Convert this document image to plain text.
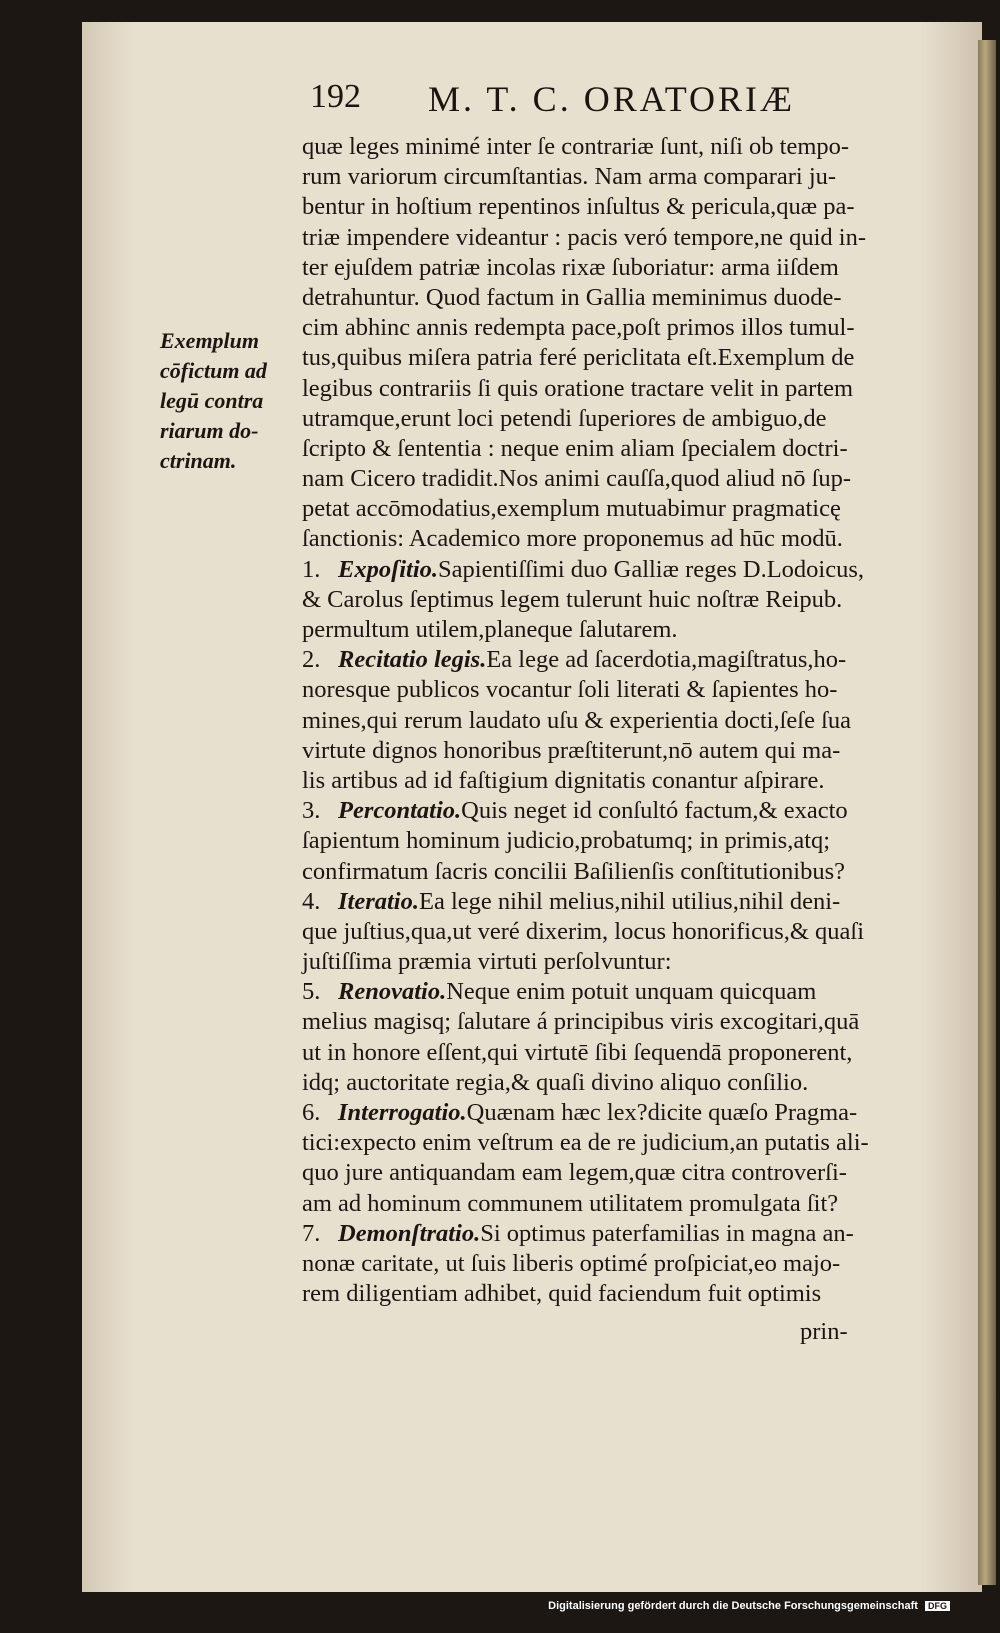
192 M. T. C. ORATORIÆ
Exemplum
cōfictum ad
legū contra
riarum do-
ctrinam.
quæ leges minimé inter ſe contrariæ ſunt, niſi ob tempo-
rum variorum circumſtantias. Nam arma comparari ju-
bentur in hoſtium repentinos inſultus & pericula,quæ pa-
triæ impendere videantur : pacis veró tempore,ne quid in-
ter ejuſdem patriæ incolas rixæ ſuboriatur: arma iiſdem
detrahuntur. Quod factum in Gallia meminimus duode-
cim abhinc annis redempta pace,poſt primos illos tumul-
tus,quibus miſera patria feré periclitata eſt.Exemplum de
legibus contrariis ſi quis oratione tractare velit in partem
utramque,erunt loci petendi ſuperiores de ambiguo,de
ſcripto & ſententia : neque enim aliam ſpecialem doctri-
nam Cicero tradidit.Nos animi cauſſa,quod aliud nō ſup-
petat accōmodatius,exemplum mutuabimur pragmaticę
ſanctionis: Academico more proponemus ad hūc modū.
1. Expoſitio.Sapientiſſimi duo Galliæ reges D.Lodoicus,
& Carolus ſeptimus legem tulerunt huic noſtræ Reipub.
permultum utilem,planeque ſalutarem.
2. Recitatio legis.Ea lege ad ſacerdotia,magiſtratus,ho-
noresque publicos vocantur ſoli literati & ſapientes ho-
mines,qui rerum laudato uſu & experientia docti,ſeſe ſua
virtute dignos honoribus præſtiterunt,nō autem qui ma-
lis artibus ad id faſtigium dignitatis conantur aſpirare.
3. Percontatio.Quis neget id conſultó factum,& exacto
ſapientum hominum judicio,probatumq; in primis,atq;
confirmatum ſacris concilii Baſilienſis conſtitutionibus?
4. Iteratio.Ea lege nihil melius,nihil utilius,nihil deni-
que juſtius,qua,ut veré dixerim, locus honorificus,& quaſi
juſtiſſima præmia virtuti perſolvuntur:
5. Renovatio.Neque enim potuit unquam quicquam
melius magisq; ſalutare á principibus viris excogitari,quā
ut in honore eſſent,qui virtutē ſibi ſequendā proponerent,
idq; auctoritate regia,& quaſi divino aliquo conſilio.
6. Interrogatio.Quænam hæc lex?dicite quæſo Pragma-
tici:expecto enim veſtrum ea de re judicium,an putatis ali-
quo jure antiquandam eam legem,quæ citra controverſi-
am ad hominum communem utilitatem promulgata ſit?
7. Demonſtratio.Si optimus paterfamilias in magna an-
nonæ caritate, ut ſuis liberis optimé proſpiciat,eo majo-
rem diligentiam adhibet, quid faciendum fuit optimis
prin-
Digitalisierung gefördert durch die Deutsche Forschungsgemeinschaft DFG
